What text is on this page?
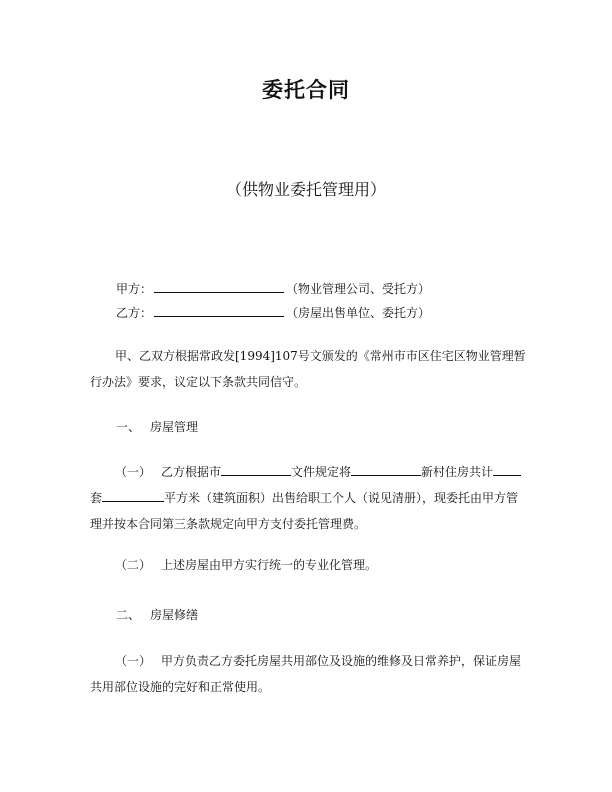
委托合同

（供物业委托管理用）

甲方：	（物业管理公司、受托方）
乙方：	（房屋出售单位、委托方）

甲、乙双方根据常政发[1994]107号文颁发的《常州市市区住宅区物业管理暂行办法》要求，议定以下条款共同信守。

一、 房屋管理

（一） 乙方根据市	文件规定将	新村住房共计套	平方米（建筑面积）出售给职工个人（说见清册），现委托由甲方管理并按本合同第三条款规定向甲方支付委托管理费。

（二） 上述房屋由甲方实行统一的专业化管理。

二、 房屋修缮

（一） 甲方负责乙方委托房屋共用部位及设施的维修及日常养护，保证房屋共用部位设施的完好和正常使用。
